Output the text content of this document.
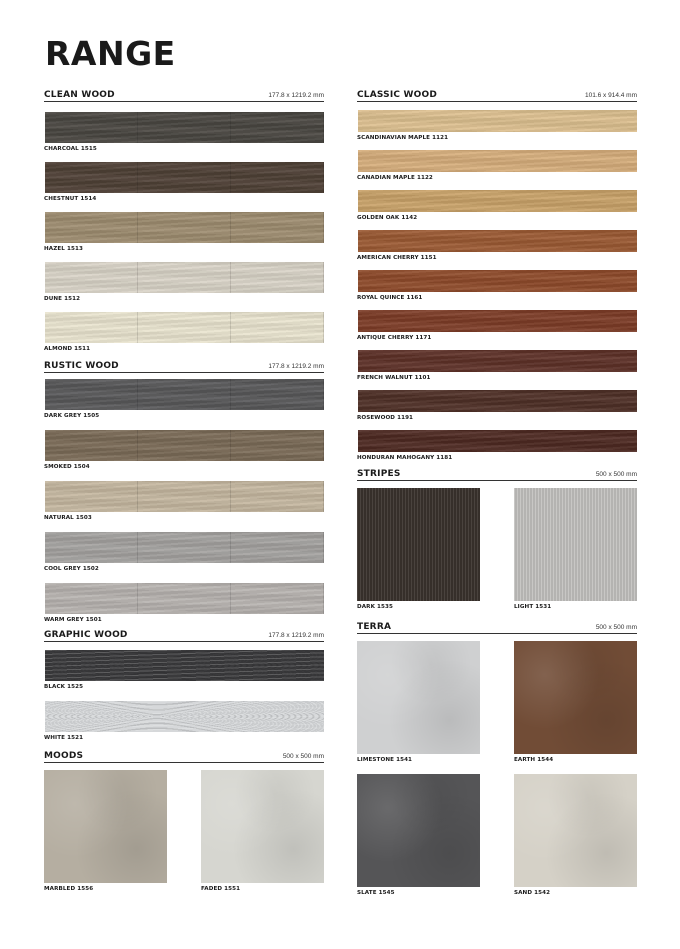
RANGE
CLEAN WOOD	177.8 x 1219.2 mm
CHARCOAL 1515
CHESTNUT 1514
HAZEL 1513
DUNE 1512
ALMOND 1511
RUSTIC WOOD	177.8 x 1219.2 mm
DARK GREY 1505
SMOKED 1504
NATURAL 1503
COOL GREY 1502
WARM GREY 1501
GRAPHIC WOOD	177.8 x 1219.2 mm
BLACK 1525
WHITE 1521
MOODS	500 x 500 mm
MARBLED 1556	FADED 1551
CLASSIC WOOD	101.6 x 914.4 mm
SCANDINAVIAN MAPLE 1121
CANADIAN MAPLE 1122
GOLDEN OAK 1142
AMERICAN CHERRY 1151
ROYAL QUINCE 1161
ANTIQUE CHERRY 1171
FRENCH WALNUT 1101
ROSEWOOD 1191
HONDURAN MAHOGANY 1181
STRIPES	500 x 500 mm
DARK 1535	LIGHT 1531
TERRA	500 x 500 mm
LIMESTONE 1541	EARTH 1544
SLATE 1545	SAND 1542
